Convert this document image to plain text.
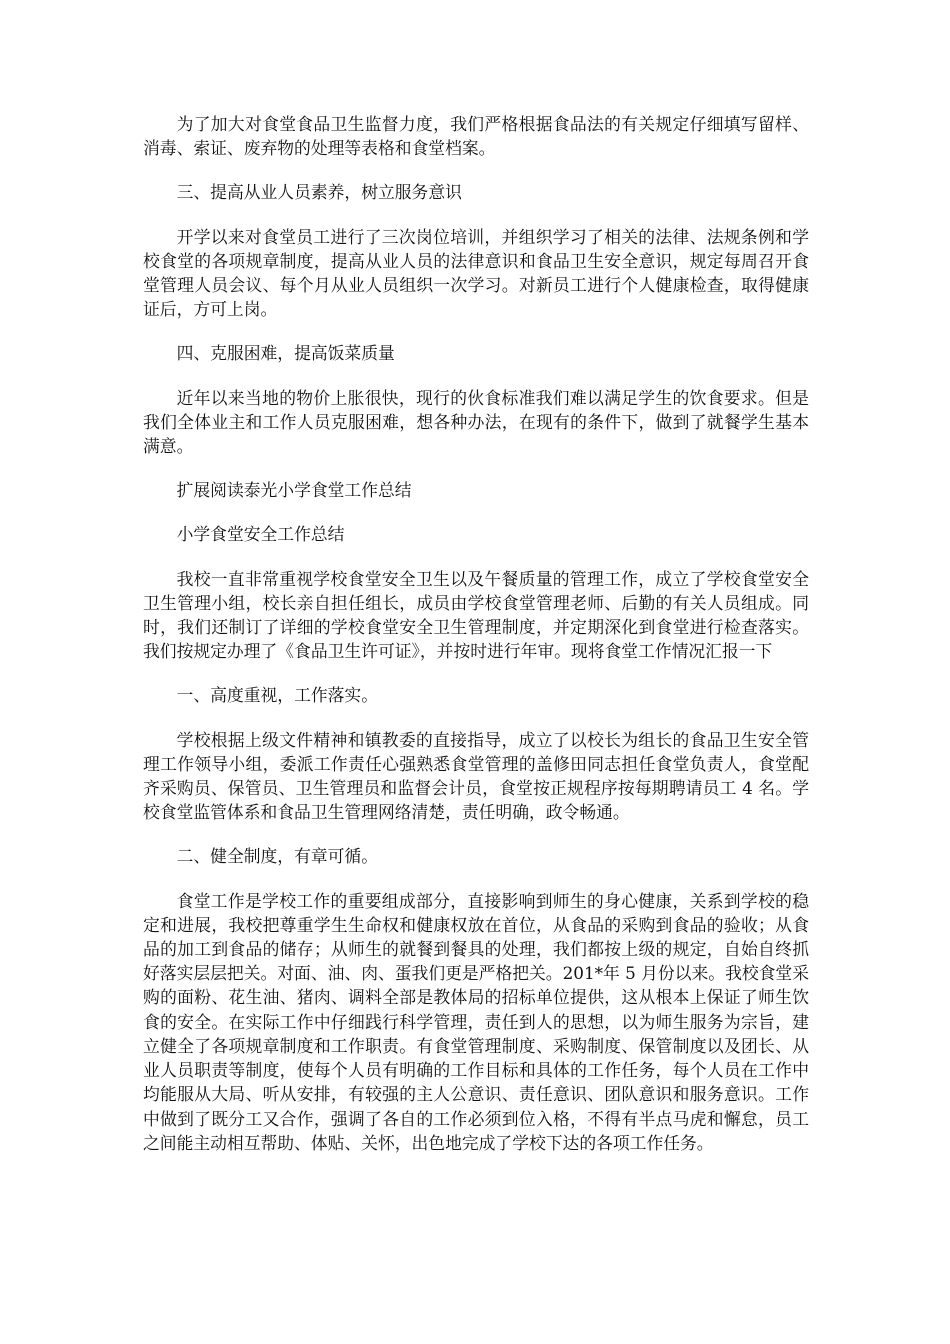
为了加大对食堂食品卫生监督力度，我们严格根据食品法的有关规定仔细填写留样、消毒、索证、废弃物的处理等表格和食堂档案。

三、提高从业人员素养，树立服务意识

开学以来对食堂员工进行了三次岗位培训，并组织学习了相关的法律、法规条例和学校食堂的各项规章制度，提高从业人员的法律意识和食品卫生安全意识，规定每周召开食堂管理人员会议、每个月从业人员组织一次学习。对新员工进行个人健康检查，取得健康证后，方可上岗。

四、克服困难，提高饭菜质量

近年以来当地的物价上胀很快，现行的伙食标准我们难以满足学生的饮食要求。但是我们全体业主和工作人员克服困难，想各种办法，在现有的条件下，做到了就餐学生基本满意。

扩展阅读泰光小学食堂工作总结

小学食堂安全工作总结

我校一直非常重视学校食堂安全卫生以及午餐质量的管理工作，成立了学校食堂安全卫生管理小组，校长亲自担任组长，成员由学校食堂管理老师、后勤的有关人员组成。同时，我们还制订了详细的学校食堂安全卫生管理制度，并定期深化到食堂进行检查落实。我们按规定办理了《食品卫生许可证》，并按时进行年审。现将食堂工作情况汇报一下

一、高度重视，工作落实。

学校根据上级文件精神和镇教委的直接指导，成立了以校长为组长的食品卫生安全管理工作领导小组，委派工作责任心强熟悉食堂管理的盖修田同志担任食堂负责人，食堂配齐采购员、保管员、卫生管理员和监督会计员，食堂按正规程序按每期聘请员工 4 名。学校食堂监管体系和食品卫生管理网络清楚，责任明确，政令畅通。

二、健全制度，有章可循。

食堂工作是学校工作的重要组成部分，直接影响到师生的身心健康，关系到学校的稳定和进展，我校把尊重学生生命权和健康权放在首位，从食品的采购到食品的验收；从食品的加工到食品的储存；从师生的就餐到餐具的处理，我们都按上级的规定，自始自终抓好落实层层把关。对面、油、肉、蛋我们更是严格把关。201*年 5 月份以来。我校食堂采购的面粉、花生油、猪肉、调料全部是教体局的招标单位提供，这从根本上保证了师生饮食的安全。在实际工作中仔细践行科学管理，责任到人的思想，以为师生服务为宗旨，建立健全了各项规章制度和工作职责。有食堂管理制度、采购制度、保管制度以及团长、从业人员职责等制度，使每个人员有明确的工作目标和具体的工作任务，每个人员在工作中均能服从大局、听从安排，有较强的主人公意识、责任意识、团队意识和服务意识。工作中做到了既分工又合作，强调了各自的工作必须到位入格，不得有半点马虎和懈怠，员工之间能主动相互帮助、体贴、关怀，出色地完成了学校下达的各项工作任务。
